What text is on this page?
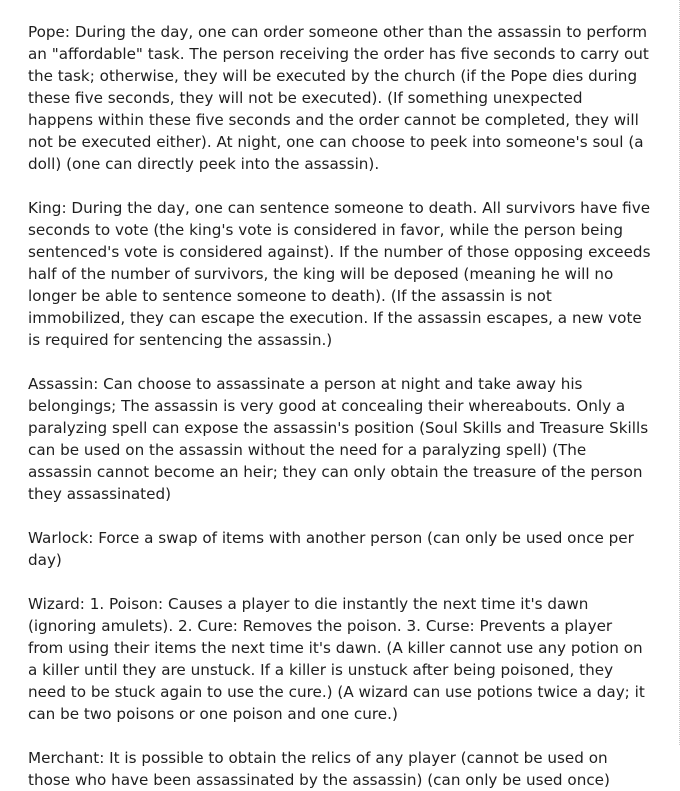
Pope: During the day, one can order someone other than the assassin to perform an "affordable" task. The person receiving the order has five seconds to carry out the task; otherwise, they will be executed by the church (if the Pope dies during these five seconds, they will not be executed). (If something unexpected happens within these five seconds and the order cannot be completed, they will not be executed either). At night, one can choose to peek into someone's soul (a doll) (one can directly peek into the assassin).

King: During the day, one can sentence someone to death. All survivors have five seconds to vote (the king's vote is considered in favor, while the person being sentenced's vote is considered against). If the number of those opposing exceeds half of the number of survivors, the king will be deposed (meaning he will no longer be able to sentence someone to death). (If the assassin is not immobilized, they can escape the execution. If the assassin escapes, a new vote is required for sentencing the assassin.)

Assassin: Can choose to assassinate a person at night and take away his belongings; The assassin is very good at concealing their whereabouts. Only a paralyzing spell can expose the assassin's position (Soul Skills and Treasure Skills can be used on the assassin without the need for a paralyzing spell) (The assassin cannot become an heir; they can only obtain the treasure of the person they assassinated)

Warlock: Force a swap of items with another person (can only be used once per day)

Wizard: 1. Poison: Causes a player to die instantly the next time it's dawn (ignoring amulets). 2. Cure: Removes the poison. 3. Curse: Prevents a player from using their items the next time it's dawn. (A killer cannot use any potion on a killer until they are unstuck. If a killer is unstuck after being poisoned, they need to be stuck again to use the cure.) (A wizard can use potions twice a day; it can be two poisons or one poison and one cure.)

Merchant: It is possible to obtain the relics of any player (cannot be used on those who have been assassinated by the assassin) (can only be used once)
